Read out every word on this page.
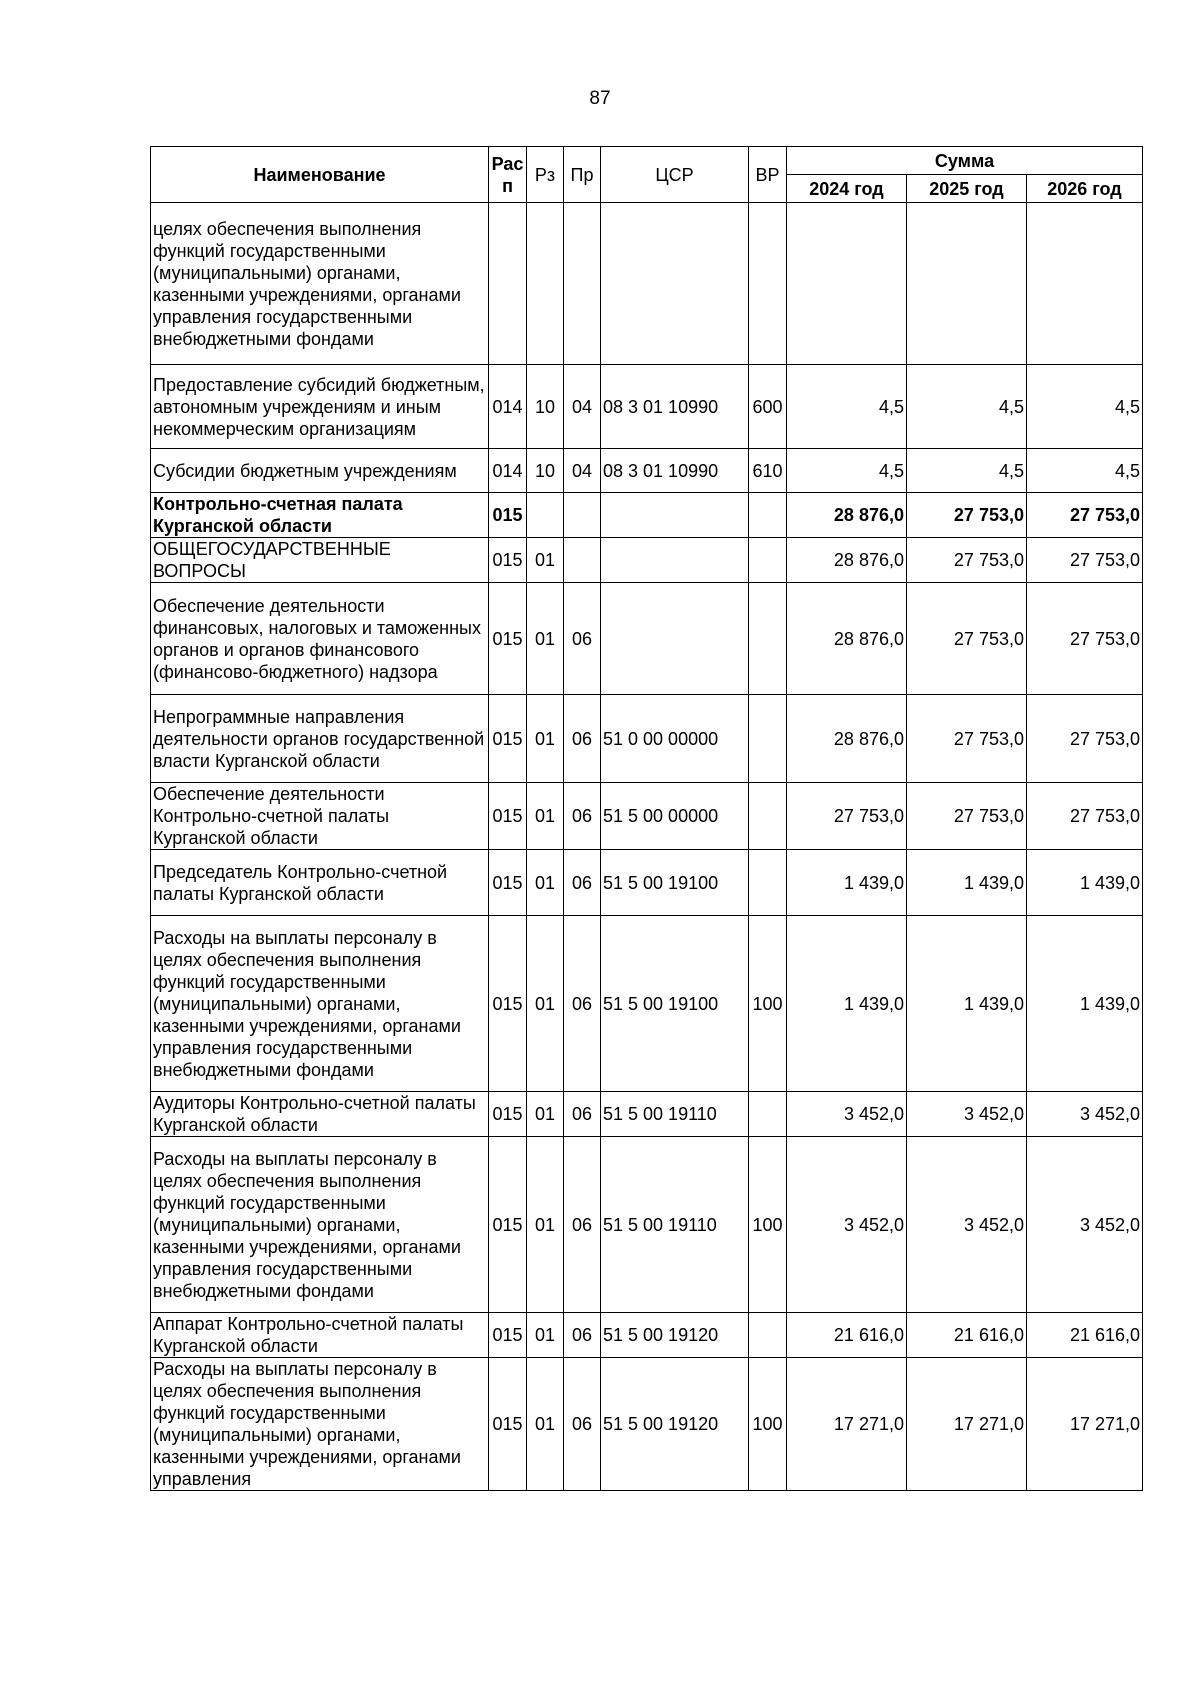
87
Наименование	Рас п	Рз	Пр	ЦСР	ВР	Сумма		
						2024 год	2025 год	2026 год
целях обеспечения выполнения функций государственными (муниципальными) органами, казенными учреждениями, органами управления государственными внебюджетными фондами								
Предоставление субсидий бюджетным, автономным учреждениям и иным некоммерческим организациям	014	10	04	08 3 01 10990	600	4,5	4,5	4,5
Субсидии бюджетным учреждениям	014	10	04	08 3 01 10990	610	4,5	4,5	4,5
Контрольно-счетная палата Курганской области	015					28 876,0	27 753,0	27 753,0
ОБЩЕГОСУДАРСТВЕННЫЕ ВОПРОСЫ	015	01				28 876,0	27 753,0	27 753,0
Обеспечение деятельности финансовых, налоговых и таможенных органов и органов финансового (финансово-бюджетного) надзора	015	01	06			28 876,0	27 753,0	27 753,0
Непрограммные направления деятельности органов государственной власти Курганской области	015	01	06	51 0 00 00000		28 876,0	27 753,0	27 753,0
Обеспечение деятельности Контрольно-счетной палаты Курганской области	015	01	06	51 5 00 00000		27 753,0	27 753,0	27 753,0
Председатель Контрольно-счетной палаты Курганской области	015	01	06	51 5 00 19100		1 439,0	1 439,0	1 439,0
Расходы на выплаты персоналу в целях обеспечения выполнения функций государственными (муниципальными) органами, казенными учреждениями, органами управления государственными внебюджетными фондами	015	01	06	51 5 00 19100	100	1 439,0	1 439,0	1 439,0
Аудиторы Контрольно-счетной палаты Курганской области	015	01	06	51 5 00 19110		3 452,0	3 452,0	3 452,0
Расходы на выплаты персоналу в целях обеспечения выполнения функций государственными (муниципальными) органами, казенными учреждениями, органами управления государственными внебюджетными фондами	015	01	06	51 5 00 19110	100	3 452,0	3 452,0	3 452,0
Аппарат Контрольно-счетной палаты Курганской области	015	01	06	51 5 00 19120		21 616,0	21 616,0	21 616,0
Расходы на выплаты персоналу в целях обеспечения выполнения функций государственными (муниципальными) органами, казенными учреждениями, органами управления	015	01	06	51 5 00 19120	100	17 271,0	17 271,0	17 271,0
